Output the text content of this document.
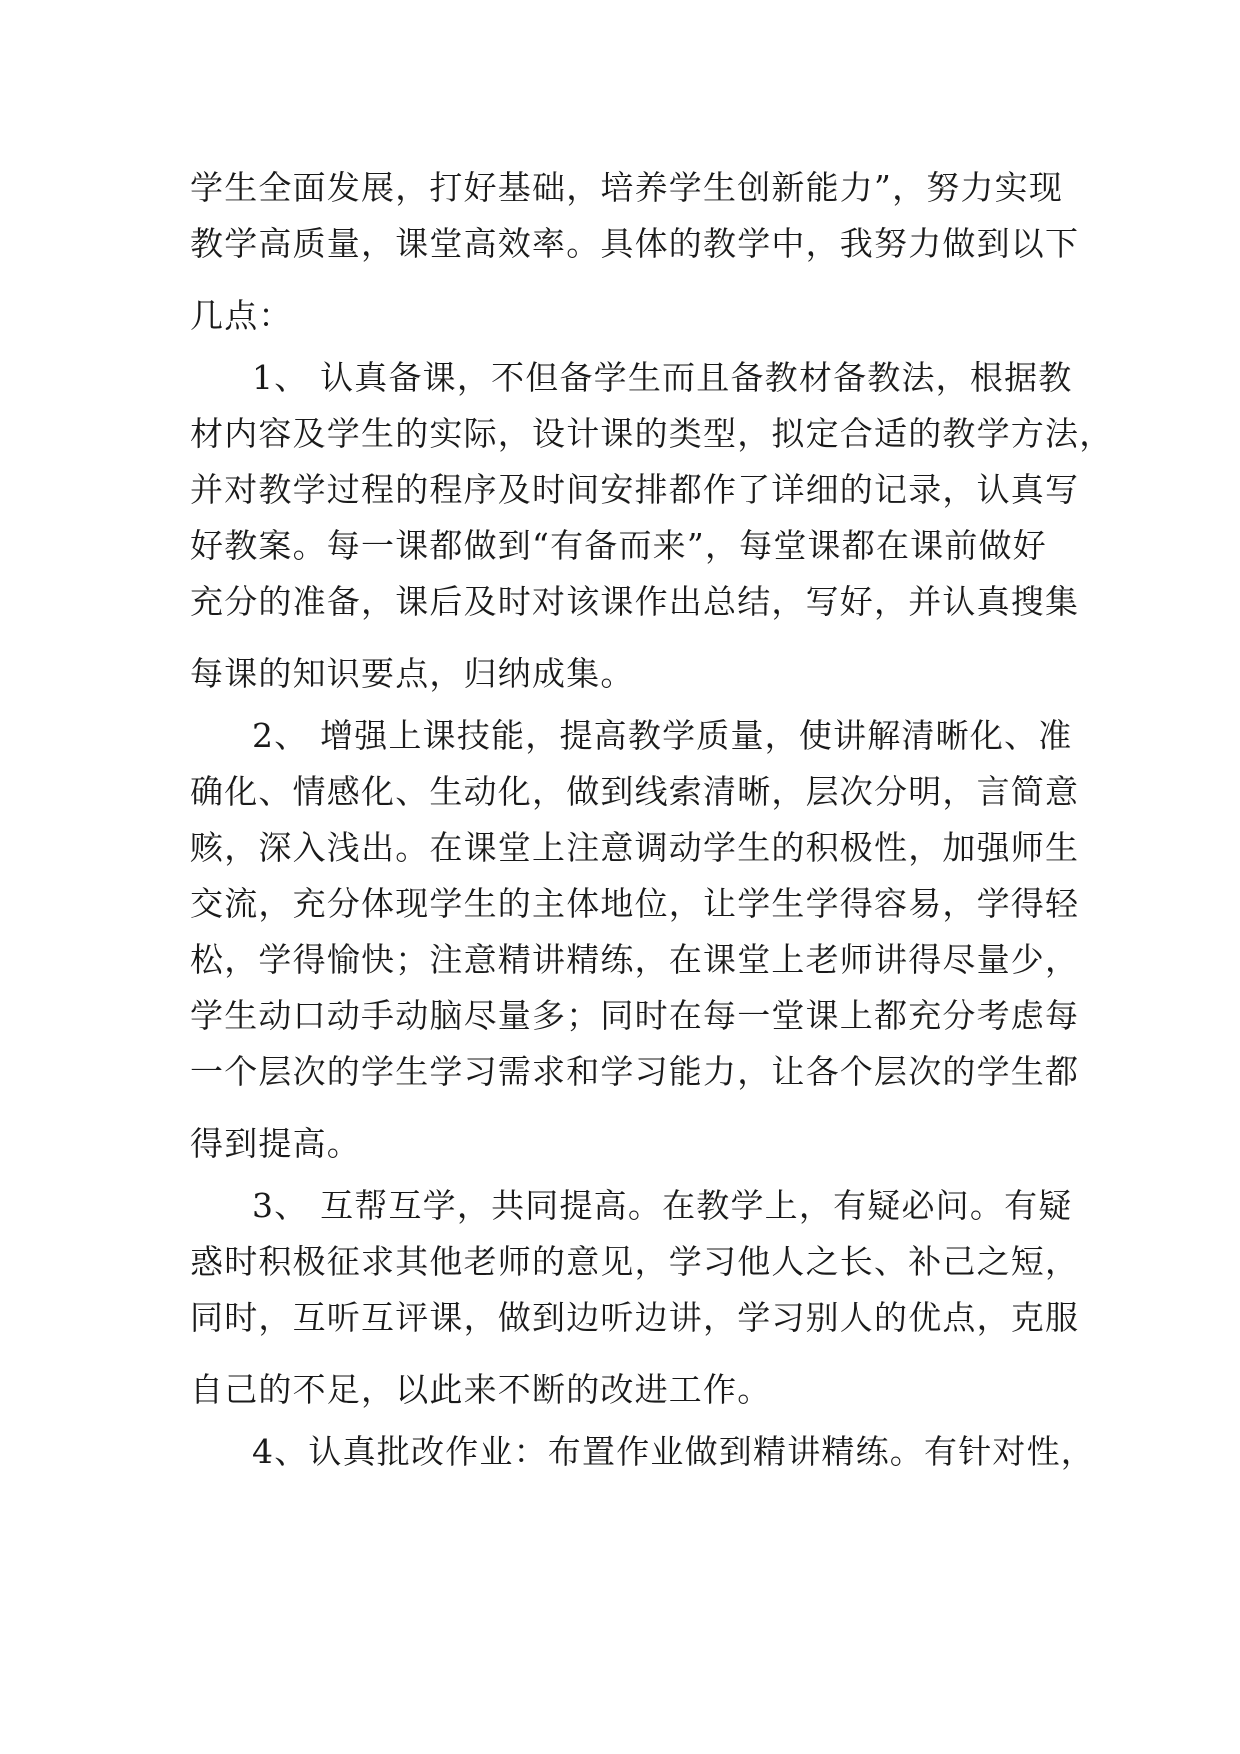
学生全面发展，打好基础，培养学生创新能力”，努力实现
教学高质量，课堂高效率。具体的教学中，我努力做到以下
几点：
1、 认真备课，不但备学生而且备教材备教法，根据教
材内容及学生的实际，设计课的类型，拟定合适的教学方法，
并对教学过程的程序及时间安排都作了详细的记录，认真写
好教案。每一课都做到“有备而来”，每堂课都在课前做好
充分的准备，课后及时对该课作出总结，写好，并认真搜集
每课的知识要点，归纳成集。
2、 增强上课技能，提高教学质量，使讲解清晰化、准
确化、情感化、生动化，做到线索清晰，层次分明，言简意
赅，深入浅出。在课堂上注意调动学生的积极性，加强师生
交流，充分体现学生的主体地位，让学生学得容易，学得轻
松，学得愉快；注意精讲精练，在课堂上老师讲得尽量少，
学生动口动手动脑尽量多；同时在每一堂课上都充分考虑每
一个层次的学生学习需求和学习能力，让各个层次的学生都
得到提高。
3、 互帮互学，共同提高。在教学上，有疑必问。有疑
惑时积极征求其他老师的意见，学习他人之长、补己之短，
同时，互听互评课，做到边听边讲，学习别人的优点，克服
自己的不足，以此来不断的改进工作。
4、认真批改作业：布置作业做到精讲精练。有针对性，
